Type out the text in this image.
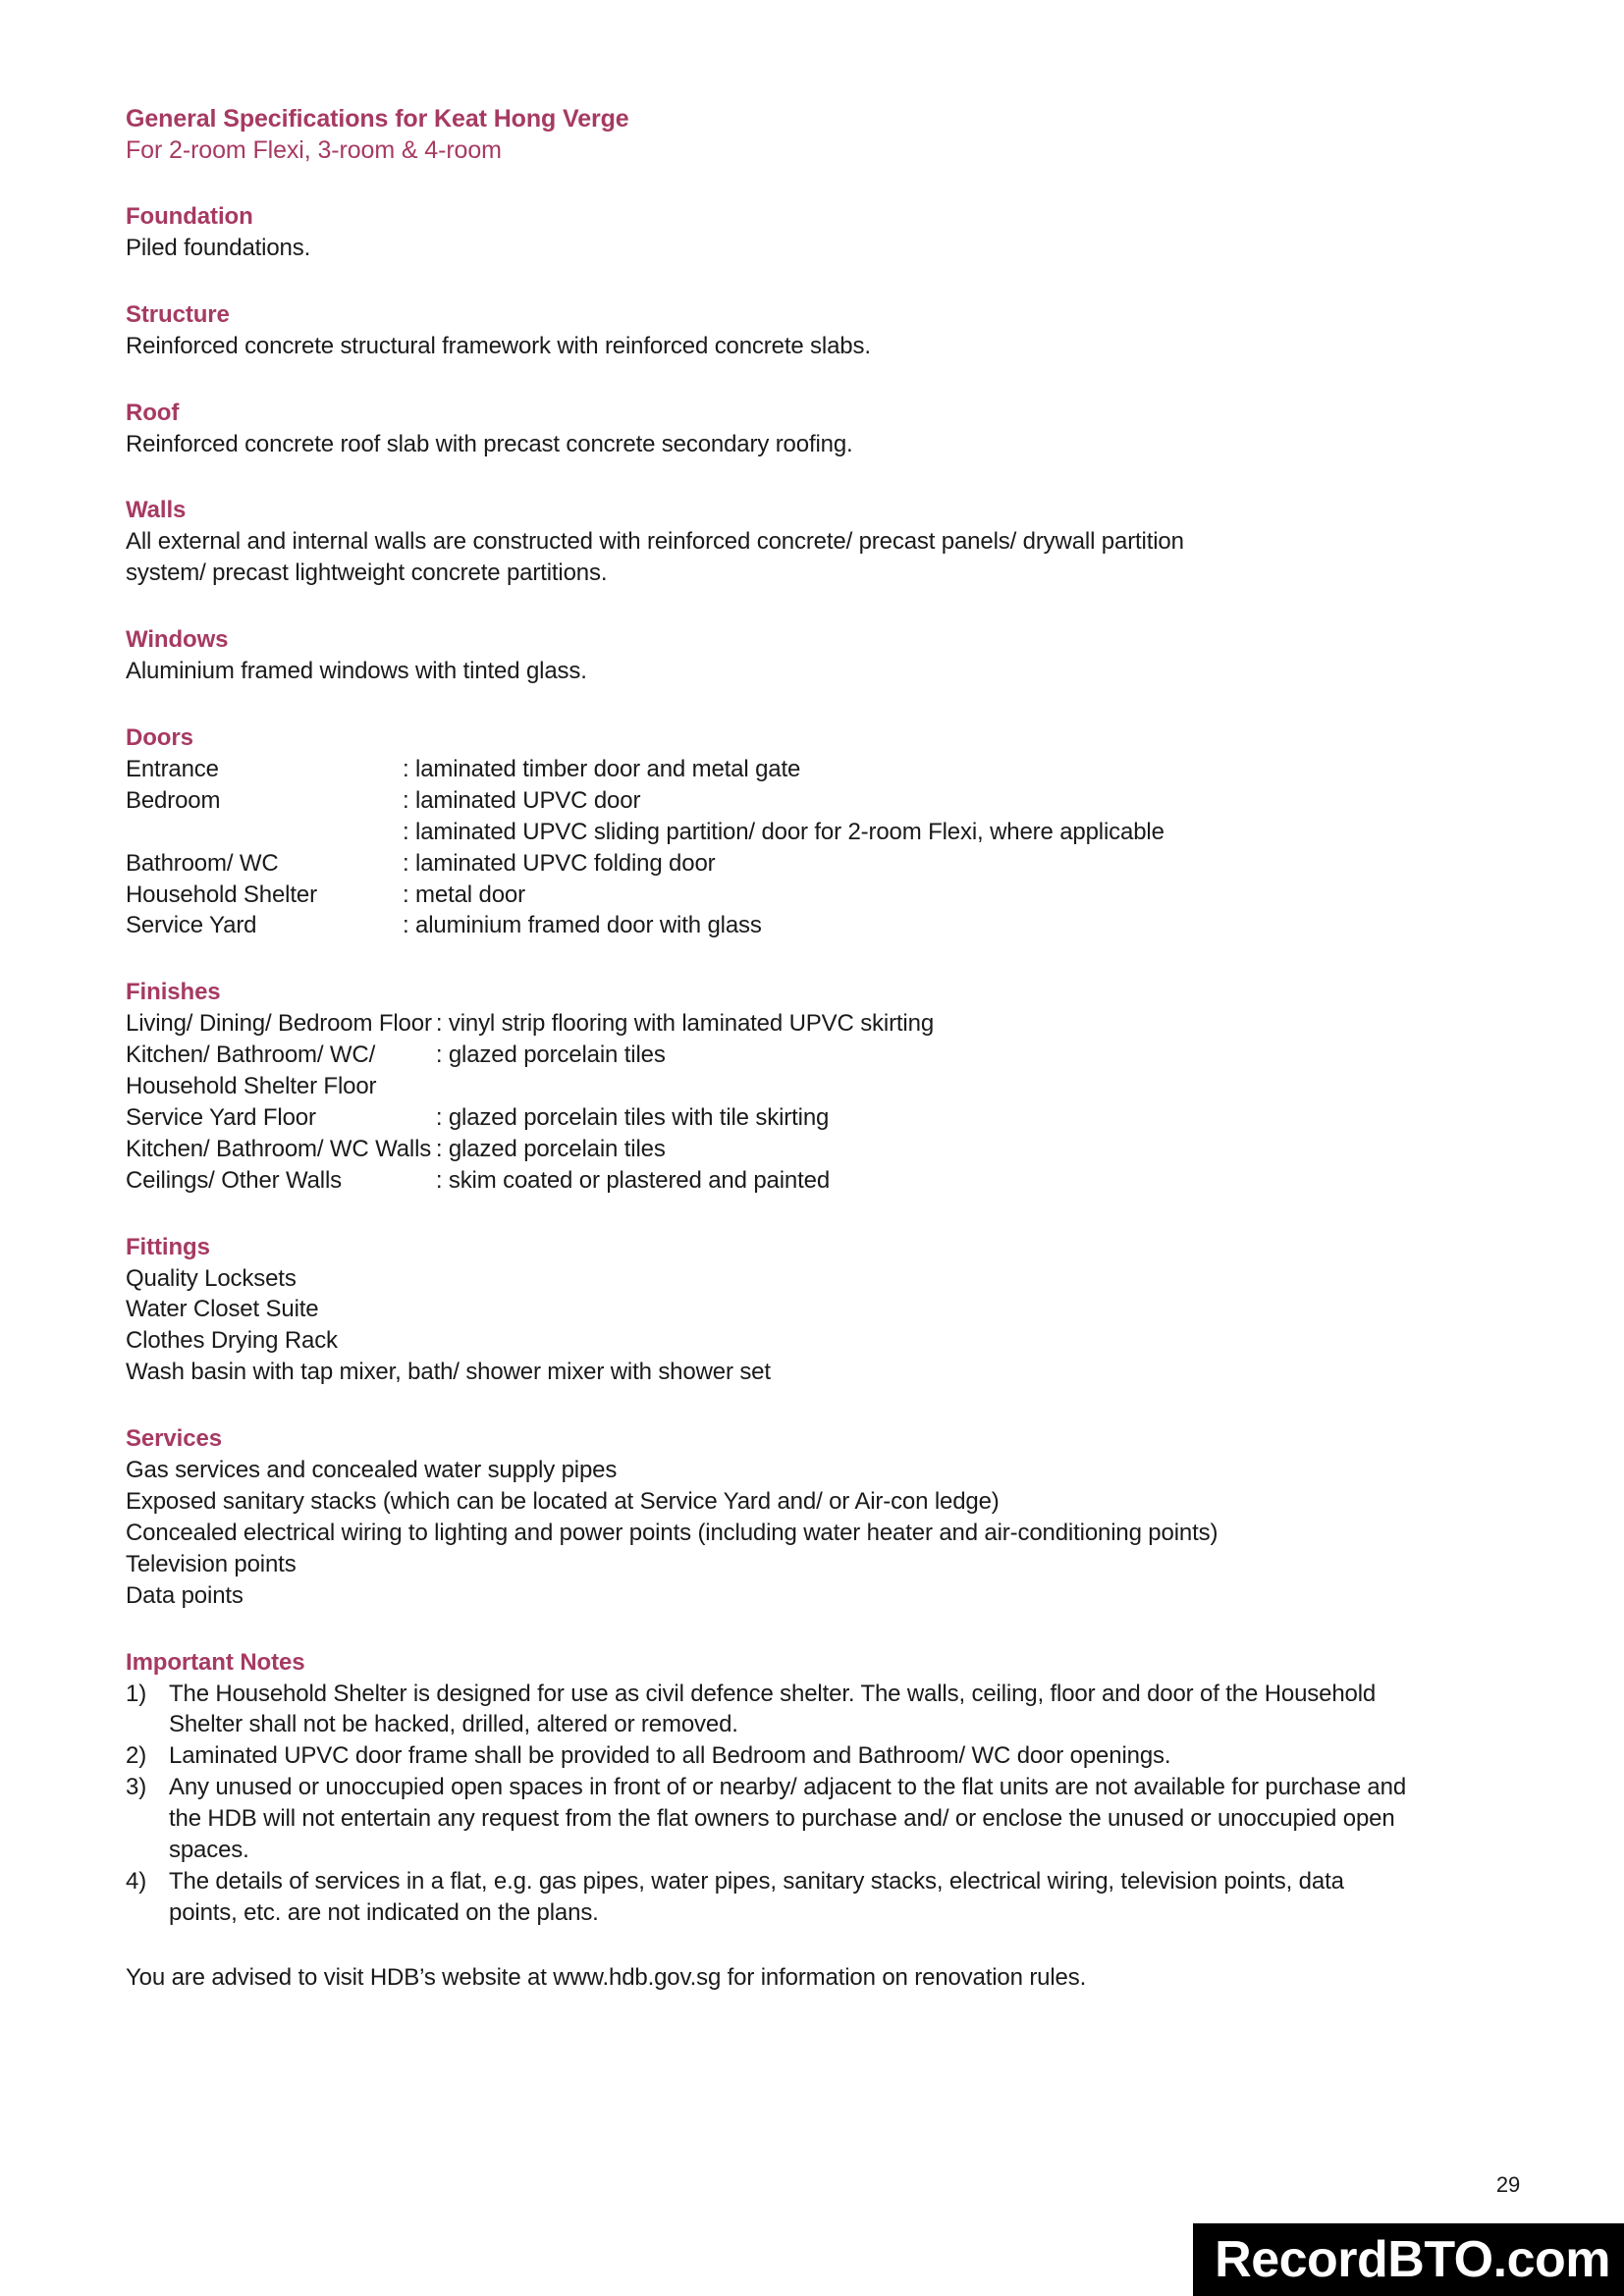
General Specifications for Keat Hong Verge
For 2-room Flexi, 3-room & 4-room
Foundation
Piled foundations.
Structure
Reinforced concrete structural framework with reinforced concrete slabs.
Roof
Reinforced concrete roof slab with precast concrete secondary roofing.
Walls
All external and internal walls are constructed with reinforced concrete/ precast panels/ drywall partition
system/ precast lightweight concrete partitions.
Windows
Aluminium framed windows with tinted glass.
Doors
Entrance	: laminated timber door and metal gate
Bedroom	: laminated UPVC door
	: laminated UPVC sliding partition/ door for 2-room Flexi, where applicable
Bathroom/ WC	: laminated UPVC folding door
Household Shelter	: metal door
Service Yard	: aluminium framed door with glass
Finishes
Living/ Dining/ Bedroom Floor	: vinyl strip flooring with laminated UPVC skirting
Kitchen/ Bathroom/ WC/	: glazed porcelain tiles
Household Shelter Floor	
Service Yard Floor	: glazed porcelain tiles with tile skirting
Kitchen/ Bathroom/ WC Walls	: glazed porcelain tiles
Ceilings/ Other Walls	: skim coated or plastered and painted
Fittings
Quality Locksets
Water Closet Suite
Clothes Drying Rack
Wash basin with tap mixer, bath/ shower mixer with shower set
Services
Gas services and concealed water supply pipes
Exposed sanitary stacks (which can be located at Service Yard and/ or Air-con ledge)
Concealed electrical wiring to lighting and power points (including water heater and air-conditioning points)
Television points
Data points
Important Notes
1) The Household Shelter is designed for use as civil defence shelter. The walls, ceiling, floor and door of the Household Shelter shall not be hacked, drilled, altered or removed.
2) Laminated UPVC door frame shall be provided to all Bedroom and Bathroom/ WC door openings.
3) Any unused or unoccupied open spaces in front of or nearby/ adjacent to the flat units are not available for purchase and the HDB will not entertain any request from the flat owners to purchase and/ or enclose the unused or unoccupied open spaces.
4) The details of services in a flat, e.g. gas pipes, water pipes, sanitary stacks, electrical wiring, television points, data points, etc. are not indicated on the plans.
You are advised to visit HDB’s website at www.hdb.gov.sg for information on renovation rules.
29
RecordBTO.com
